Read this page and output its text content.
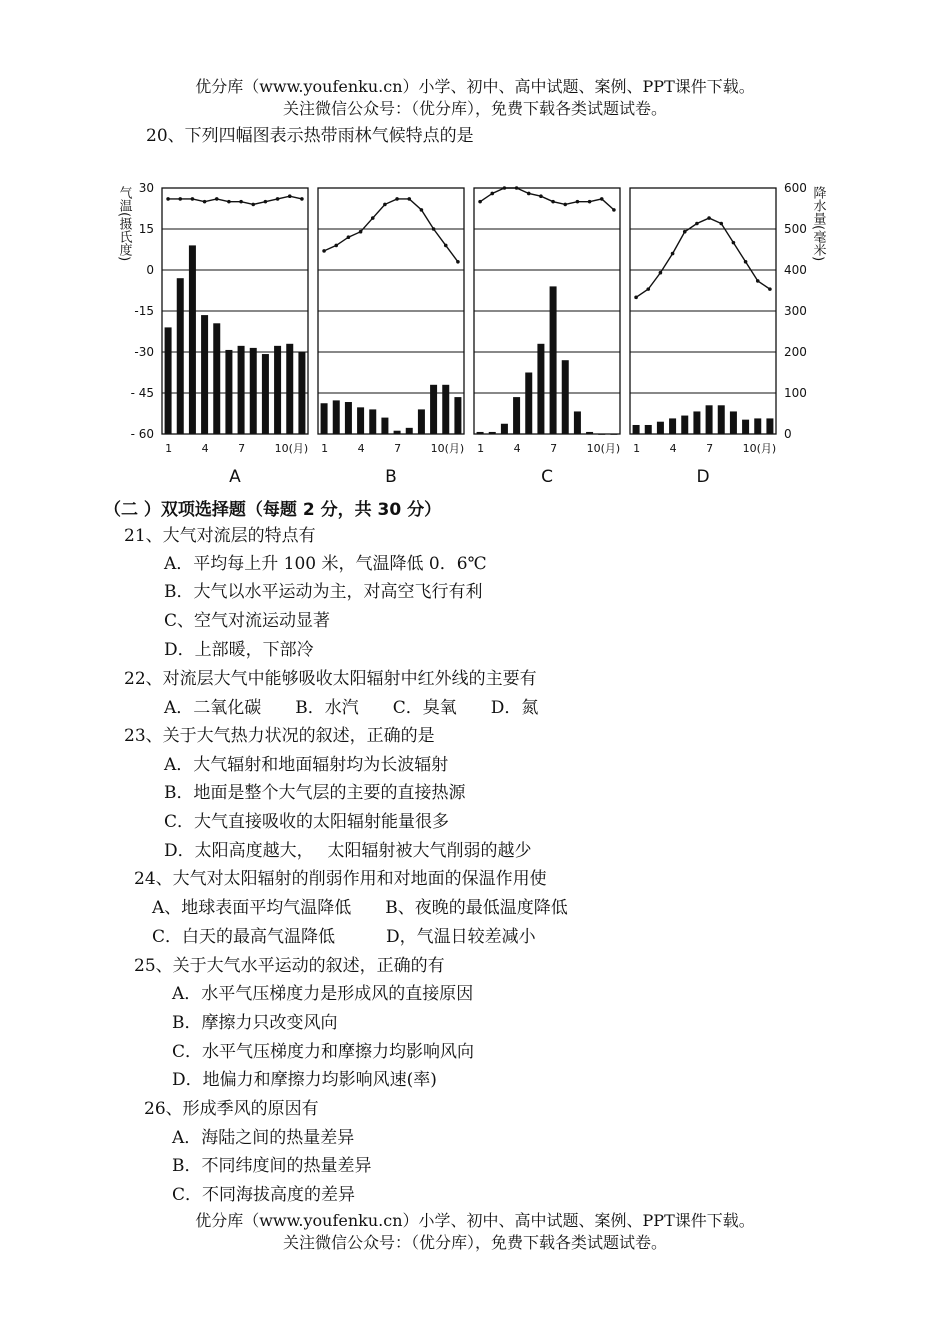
优分库（www.youfenku.cn）小学、初中、高中试题、案例、PPT课件下载。
关注微信公众号：（优分库），免费下载各类试题试卷。
20、下列四幅图表示热带雨林气候特点的是
气温(摄氏度) 30
15
0
-15
-30
- 45
- 60
1	4	7	10(月)
A
1	4	7	10(月)
B
1	4	7	10(月)
C
1	4	7	10(月)
D
600
500
400
300
200
100
0
降水量(毫米)
（二 ）双项选择题（每题 2 分，共 30 分）
21、大气对流层的特点有
A．平均每上升 100 米，气温降低 0．6℃
B．大气以水平运动为主，对高空飞行有利
C、空气对流运动显著
D．上部暖，下部冷
22、对流层大气中能够吸收太阳辐射中红外线的主要有
A．二氧化碳　　B．水汽　　C．臭氧　　D．氮
23、关于大气热力状况的叙述，正确的是
A．大气辐射和地面辐射均为长波辐射
B．地面是整个大气层的主要的直接热源
C．大气直接吸收的太阳辐射能量很多
D．太阳高度越大，　 太阳辐射被大气削弱的越少
24、大气对太阳辐射的削弱作用和对地面的保温作用使
A、地球表面平均气温降低　　B、夜晚的最低温度降低
C．白天的最高气温降低　　　D，气温日较差减小
25、关于大气水平运动的叙述，正确的有
A．水平气压梯度力是形成风的直接原因
B．摩擦力只改变风向
C．水平气压梯度力和摩擦力均影响风向
D．地偏力和摩擦力均影响风速(率)
26、形成季风的原因有
A．海陆之间的热量差异
B．不同纬度间的热量差异
C．不同海拔高度的差异
优分库（www.youfenku.cn）小学、初中、高中试题、案例、PPT课件下载。
关注微信公众号：（优分库），免费下载各类试题试卷。
